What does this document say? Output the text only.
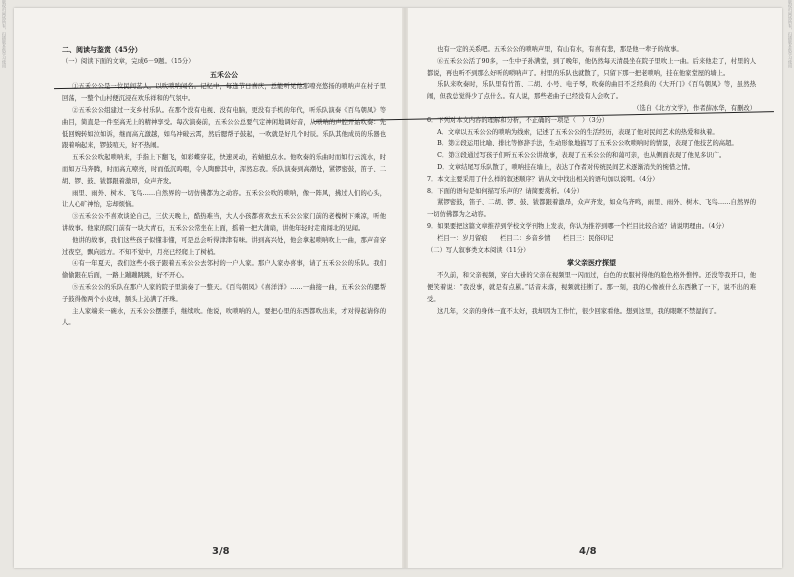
版权归网络所有，扫描版本供学习使用	版权归网络所有，扫描版本供学习使用

二、阅读与鉴赏（45分）

（一）阅读下面的文章，完成6－9题。（15分）

五禾公公

①五禾公公是一位民间艺人，以吹唢呐闻名。记忆中，每逢节日喜庆，总能听见他那嘹亮悠扬的唢呐声在村子里回荡，一整个山村便沉浸在欢乐祥和的气氛中。

②五禾公公组建过一支乡村乐队。在那个没有电视、没有电脑，更没有手机的年代，听乐队演奏《百鸟朝凤》等曲目，简直是一件至高无上的精神享受。每次演奏前，五禾公公总要气定神闲地调好音，从唢呐的声腔开始吹奏：先低回婉转如泣如诉，继而高亢激越，如鸟冲破云霄，然后腮帮子鼓起，一吹就是好几个时辰。乐队其他成员的乐器也跟着响起来，锣鼓喧天，好不热闹。

五禾公公吹起唢呐来，手指上下翻飞，如彩蝶穿花，快速灵动，若蜻蜓点水。他吹奏的乐曲时而如行云流水，时而如万马奔腾，时而高亢嘹亮，时而低沉呜咽，令人陶醉其中，浑然忘我。乐队演奏到高潮处，紧锣密鼓，笛子、二胡、锣、鼓、钹都跟着激昂，众声齐发。

雨里、雨外、树木、飞鸟……自然界的一切仿佛都为之动容。五禾公公吹的唢呐，像一阵风，拂过人们的心头，让人心旷神怡，忘却烦恼。

③五禾公公不喜欢谈论自己，三伏天晚上，酷热难当，大人小孩都喜欢去五禾公公家门前的老槐树下乘凉，听他讲故事。他家的院门前有一块大青石，五禾公公常坐在上面，摇着一把大蒲扇，讲他年轻时走南闯北的见闻。

他讲的故事，我们这些孩子似懂非懂，可是总会听得津津有味。讲到高兴处，他会拿起唢呐吹上一曲，那声音穿过夜空，飘向远方。不知不觉中，月亮已经爬上了树梢。

④有一年夏天，我们这些小孩子跟着五禾公公去邻村的一户人家。那户人家办喜事，请了五禾公公的乐队。我们偷偷跟在后面，一路上蹦蹦跳跳，好不开心。

⑤五禾公公的乐队在那户人家的院子里演奏了一整天。《百鸟朝凤》《喜洋洋》……一曲接一曲，五禾公公的腮帮子鼓得像两个小皮球，额头上沁满了汗珠。

主人家端来一碗水，五禾公公摆摆手，继续吹。他说，吹唢呐的人，要把心里的东西都吹出来，才对得起请你的人。

3/8

也有一定的关系吧。五禾公公的唢呐声里，有山有水，有喜有悲，那是他一辈子的故事。

⑥五禾公公活了90多，一生中子孙满堂，到了晚年，他仍然每天清晨坐在院子里吹上一曲。后来他走了，村里的人都说，再也听不到那么好听的唢呐声了。村里的乐队也就散了，只留下那一把老唢呐，挂在他家堂屋的墙上。

乐队来吹奏时，乐队里有竹笛、二胡、小号、电子琴，吹奏的曲目不乏经典的《大开门》《百鸟朝凤》等，虽然热闹，但我总觉得少了点什么。有人说，那些老曲子已经没有人会吹了。

（选自《北方文学》，作者薛冰华，有删改）

6．下列对本文内容的理解和分析，不正确的一项是（　）（3分）

A．文章以五禾公公的唢呐为线索，记述了五禾公公的生活经历，表现了他对民间艺术的热爱和执着。

B．第②段运用比喻、排比等修辞手法，生动形象地描写了五禾公公吹唢呐时的情景，表现了他技艺的高超。

C．第③段通过写孩子们听五禾公公讲故事，表现了五禾公公的和蔼可亲，也从侧面表现了他见多识广。

D．文章结尾写乐队散了，唢呐挂在墙上，表达了作者对传统民间艺术逐渐消失的惋惜之情。

7．本文主要采用了什么样的叙述顺序？请从文中找出相关的语句加以说明。（4分）

8．下面的语句是如何描写乐声的？请简要赏析。（4分）

紧锣密鼓，笛子、二胡、锣、鼓、钹都跟着激昂，众声齐发，如众鸟齐鸣，雨里、雨外、树木、飞鸟……自然界的一切仿佛都为之动容。

9．如果要把这篇文章推荐到学校文学刊物上发表，你认为推荐到哪一个栏目比较合适？请说明理由。（4分）

栏目一：岁月留痕　　栏目二：乡音乡情　　栏目三：民俗印记

（二）写人叙事类文本阅读（11分）

掌父亲医疗探望

不久前，和父亲视频，穿白大褂的父亲在视频里一闪而过，白色的衣服衬得他的脸色格外憔悴。还没等我开口，他便笑着说：“我没事，就是有点累。”话音未落，视频就挂断了。那一刻，我的心像被什么东西揪了一下，说不出的难受。

这几年，父亲的身体一直不太好，我却因为工作忙，很少回家看他。想到这里，我的眼眶不禁湿润了。

4/8
